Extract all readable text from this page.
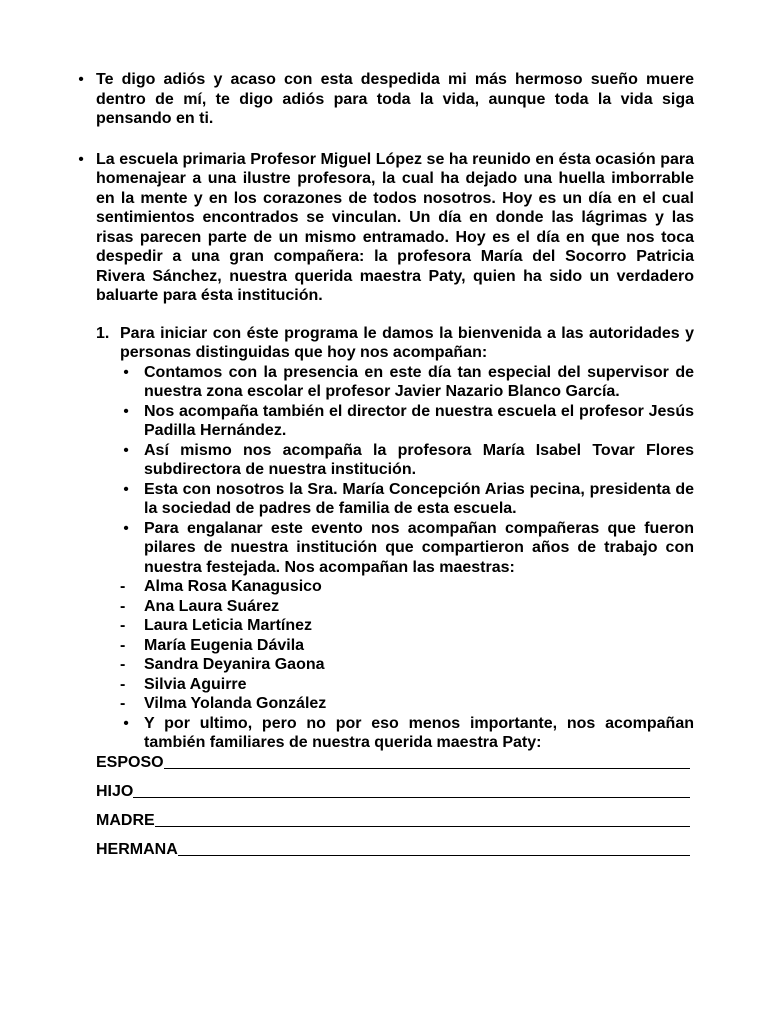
• Te digo adiós y acaso con esta despedida mi más hermoso sueño muere dentro de mí, te digo adiós para toda la vida, aunque toda la vida siga pensando en ti.
• La escuela primaria Profesor Miguel López se ha reunido en ésta ocasión para homenajear a una ilustre profesora, la cual ha dejado una huella imborrable en la mente y en los corazones de todos nosotros. Hoy es un día en el cual sentimientos encontrados se vinculan. Un día en donde las lágrimas y las risas parecen parte de un mismo entramado. Hoy es el día en que nos toca despedir a una gran compañera: la profesora María del Socorro Patricia Rivera Sánchez, nuestra querida maestra Paty, quien ha sido un verdadero baluarte para ésta institución.
1. Para iniciar con éste programa le damos la bienvenida a las autoridades y personas distinguidas que hoy nos acompañan:
• Contamos con la presencia en este día tan especial del supervisor de nuestra zona escolar el profesor Javier Nazario Blanco García.
• Nos acompaña también el director de nuestra escuela el profesor Jesús Padilla Hernández.
• Así mismo nos acompaña la profesora María Isabel Tovar Flores subdirectora de nuestra institución.
• Esta con nosotros la Sra. María Concepción Arias pecina, presidenta de la sociedad de padres de familia de esta escuela.
• Para engalanar este evento nos acompañan compañeras que fueron pilares de nuestra institución que compartieron años de trabajo con nuestra festejada. Nos acompañan las maestras:
- Alma Rosa Kanagusico
- Ana Laura Suárez
- Laura Leticia Martínez
- María Eugenia Dávila
- Sandra Deyanira Gaona
- Silvia Aguirre
- Vilma Yolanda González
• Y por ultimo, pero no por eso menos importante, nos acompañan también familiares de nuestra querida maestra Paty:
ESPOSO
HIJO
MADRE
HERMANA
